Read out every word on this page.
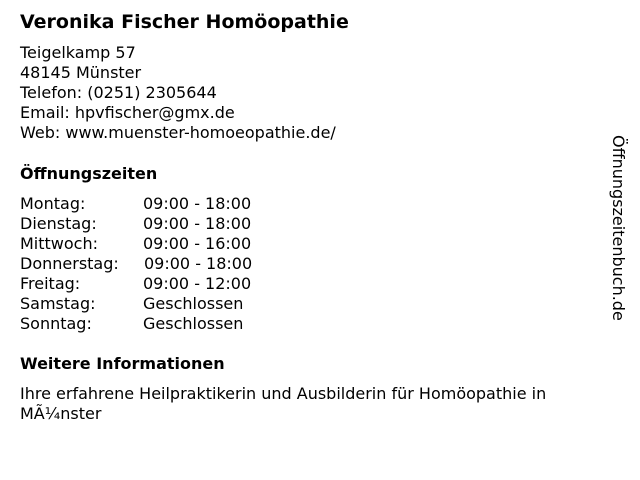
Veronika Fischer Homöopathie
Teigelkamp 57
48145 Münster
Telefon: (0251) 2305644
Email: hpvfischer@gmx.de
Web: www.muenster-homoeopathie.de/
Öffnungszeiten
Montag:	09:00 - 18:00
Dienstag:	09:00 - 18:00
Mittwoch:	09:00 - 16:00
Donnerstag: 09:00 - 18:00
Freitag:	09:00 - 12:00
Samstag:	Geschlossen
Sonntag:	Geschlossen
Weitere Informationen
Ihre erfahrene Heilpraktikerin und Ausbilderin für Homöopathie in MÃ¼nster
Öffnungszeitenbuch.de
